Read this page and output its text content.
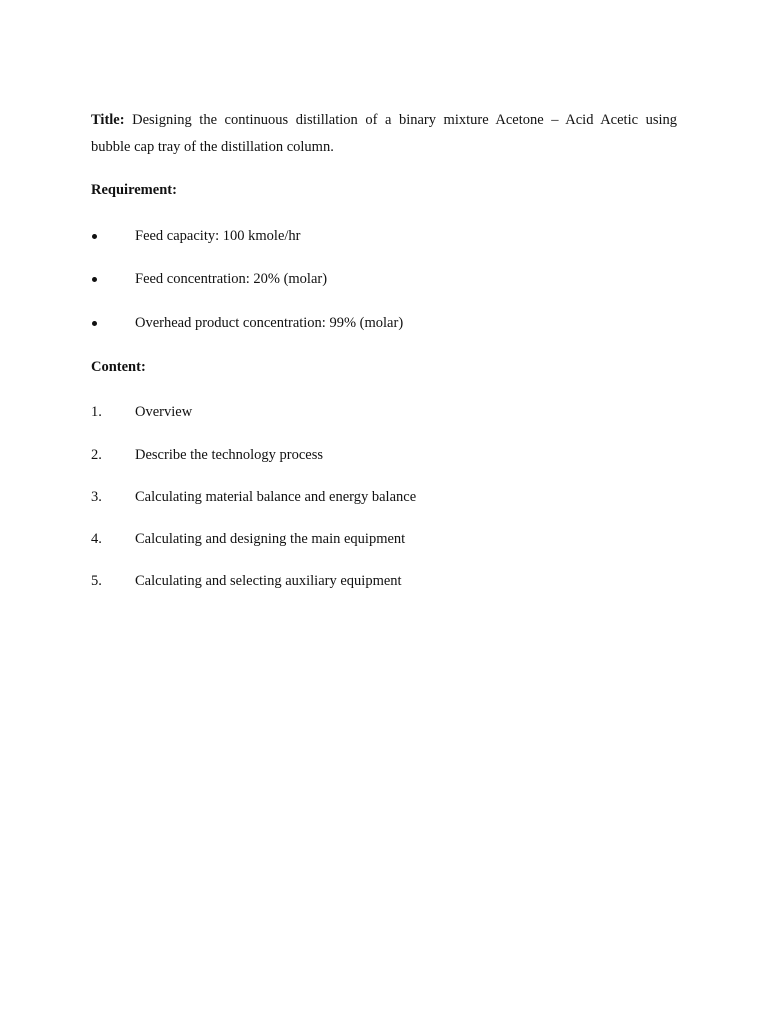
Title: Designing the continuous distillation of a binary mixture Acetone – Acid Acetic using
bubble cap tray of the distillation column.
Requirement:
Feed capacity: 100 kmole/hr
Feed concentration: 20% (molar)
Overhead product concentration: 99% (molar)
Content:
1. Overview
2. Describe the technology process
3. Calculating material balance and energy balance
4. Calculating and designing the main equipment
5. Calculating and selecting auxiliary equipment
